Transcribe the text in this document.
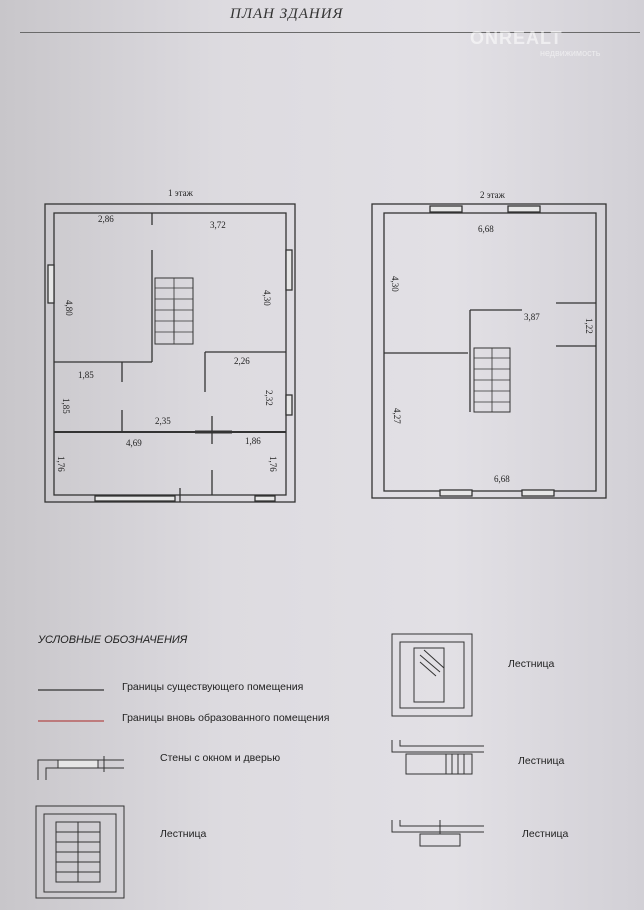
ПЛАН ЗДАНИЯ
ONREALT
недвижимость
1 этаж
2,86
3,72
4,80
4,30
2,26
1,85
1,85
2,32
2,35
4,69	1,86
1,76	1,76
2 этаж
6,68
4,30
3,87
1,22
4,27
6,68
УСЛОВНЫЕ ОБОЗНАЧЕНИЯ
Границы существующего помещения
Границы вновь образованного помещения
Стены с окном и дверью
Лестница
Лестница
Лестница
Лестница
